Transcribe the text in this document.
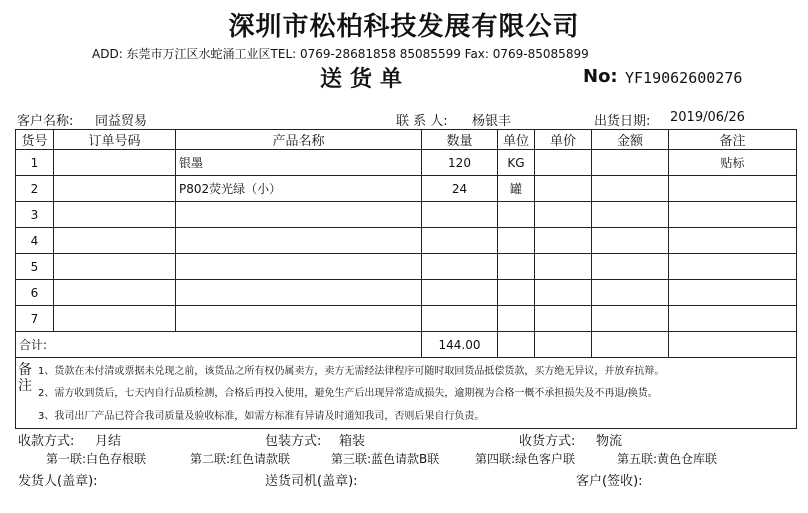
深圳市松柏科技发展有限公司
ADD: 东莞市万江区水蛇涌工业区TEL: 0769-28681858 85085599 Fax: 0769-85085899
送货单	No: YF19062600276
客户名称: 同益贸易	联 系 人: 杨银丰	出货日期: 2019/06/26
货号	订单号码	产品名称	数量	单位	单价	金额	备注
1		银墨	120	KG			贴标
2		P802荧光绿（小）	24	罐			
3							
4							
5							
6							
7							
合计:			144.00				

备注
1、货款在未付清或票据未兑现之前，该货品之所有权仍属卖方，卖方无需经法律程序可随时取回货品抵偿货款，买方绝无异议，并放弃抗辩。
2、需方收到货后，七天内自行品质检测，合格后再投入使用，避免生产后出现异常造成损失，逾期视为合格一概不承担损失及不再退/换货。
3、我司出厂产品已符合我司质量及验收标准，如需方标准有异请及时通知我司，否则后果自行负责。							
收款方式: 月结	包装方式: 箱装	收货方式: 物流
第一联:白色存根联	第二联:红色请款联	第三联:蓝色请款B联	第四联:绿色客户联	第五联:黄色仓库联
发货人(盖章):	送货司机(盖章):	客户(签收):
